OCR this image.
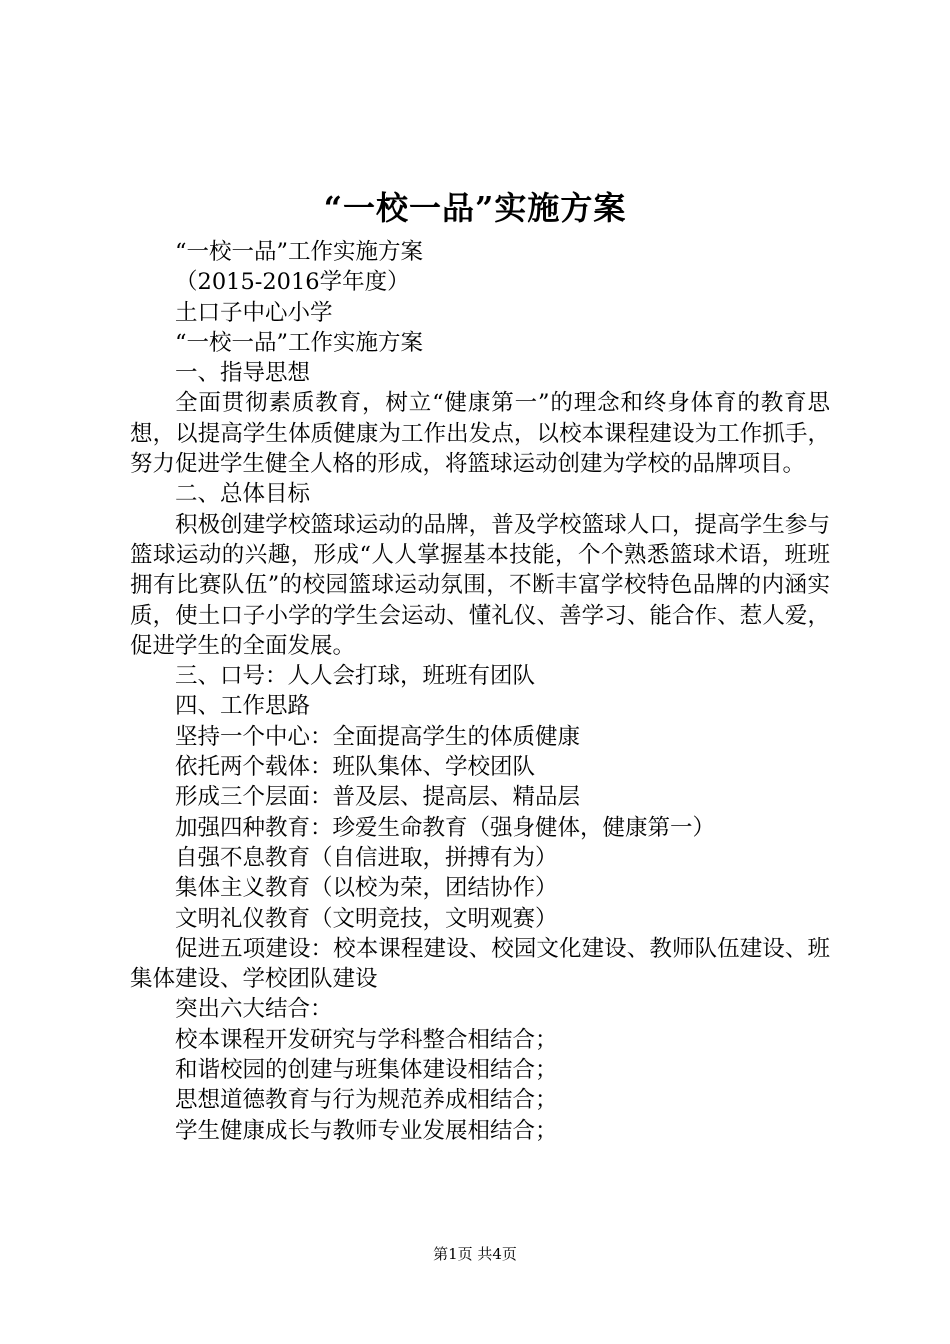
“一校一品”实施方案

“一校一品”工作实施方案

（2015-2016学年度）

土口子中心小学

“一校一品”工作实施方案

一、指导思想

全面贯彻素质教育，树立“健康第一”的理念和终身体育的教育思想，以提高学生体质健康为工作出发点，以校本课程建设为工作抓手，努力促进学生健全人格的形成，将篮球运动创建为学校的品牌项目。

二、总体目标

积极创建学校篮球运动的品牌，普及学校篮球人口，提高学生参与篮球运动的兴趣，形成“人人掌握基本技能，个个熟悉篮球术语，班班拥有比赛队伍”的校园篮球运动氛围，不断丰富学校特色品牌的内涵实质，使土口子小学的学生会运动、懂礼仪、善学习、能合作、惹人爱，促进学生的全面发展。

三、口号：人人会打球，班班有团队

四、工作思路

坚持一个中心：全面提高学生的体质健康

依托两个载体：班队集体、学校团队

形成三个层面：普及层、提高层、精品层

加强四种教育：珍爱生命教育（强身健体，健康第一）

自强不息教育（自信进取，拼搏有为）

集体主义教育（以校为荣，团结协作）

文明礼仪教育（文明竞技，文明观赛）

促进五项建设：校本课程建设、校园文化建设、教师队伍建设、班集体建设、学校团队建设

突出六大结合：

校本课程开发研究与学科整合相结合；

和谐校园的创建与班集体建设相结合；

思想道德教育与行为规范养成相结合；

学生健康成长与教师专业发展相结合；

第1页 共4页
